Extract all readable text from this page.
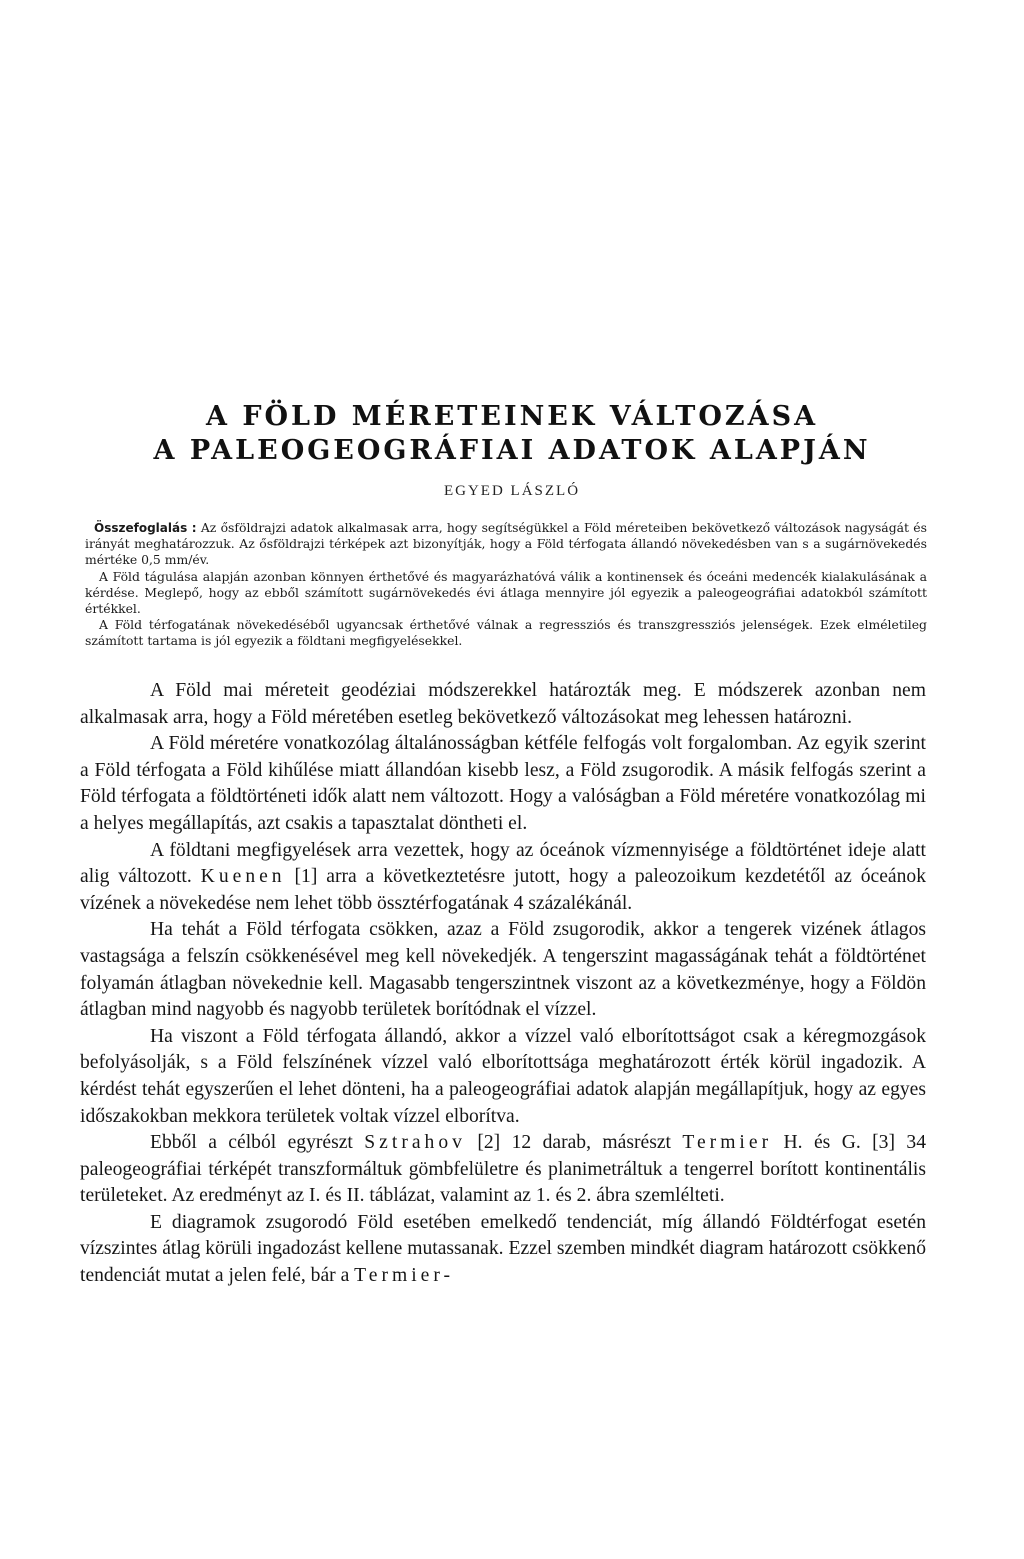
A FÖLD MÉRETEINEK VÁLTOZÁSA
A PALEOGEOGRÁFIAI ADATOK ALAPJÁN
EGYED LÁSZLÓ

Összefoglalás : Az ősföldrajzi adatok alkalmasak arra, hogy segítségükkel a Föld méreteiben bekövetkező változások nagyságát és irányát meghatározzuk. Az ősföldrajzi térképek azt bizonyítják, hogy a Föld térfogata állandó növekedésben van s a sugárnövekedés mértéke 0,5 mm/év.

A Föld tágulása alapján azonban könnyen érthetővé és magyarázhatóvá válik a kontinensek és óceáni medencék kialakulásának a kérdése. Meglepő, hogy az ebből számított sugárnövekedés évi átlaga mennyire jól egyezik a paleogeográfiai adatokból számított értékkel.

A Föld térfogatának növekedéséből ugyancsak érthetővé válnak a regressziós és transzgressziós jelenségek. Ezek elméletileg számított tartama is jól egyezik a földtani megfigyelésekkel.

A Föld mai méreteit geodéziai módszerekkel határozták meg. E módszerek azonban nem alkalmasak arra, hogy a Föld méretében esetleg bekövetkező változásokat meg lehessen határozni.

A Föld méretére vonatkozólag általánosságban kétféle felfogás volt forgalomban. Az egyik szerint a Föld térfogata a Föld kihűlése miatt állandóan kisebb lesz, a Föld zsugorodik. A másik felfogás szerint a Föld térfogata a földtörténeti idők alatt nem változott. Hogy a valóságban a Föld méretére vonatkozólag mi a helyes megállapítás, azt csakis a tapasztalat döntheti el.

A földtani megfigyelések arra vezettek, hogy az óceánok vízmennyisége a földtörténet ideje alatt alig változott. Kuenen [1] arra a következtetésre jutott, hogy a paleozoikum kezdetétől az óceánok vízének a növekedése nem lehet több össztérfogatának 4 százalékánál.

Ha tehát a Föld térfogata csökken, azaz a Föld zsugorodik, akkor a tengerek vizének átlagos vastagsága a felszín csökkenésével meg kell növekedjék. A tengerszint magasságának tehát a földtörténet folyamán átlagban növekednie kell. Magasabb tengerszintnek viszont az a következménye, hogy a Földön átlagban mind nagyobb és nagyobb területek borítódnak el vízzel.

Ha viszont a Föld térfogata állandó, akkor a vízzel való elborítottságot csak a kéregmozgások befolyásolják, s a Föld felszínének vízzel való elborítottsága meghatározott érték körül ingadozik. A kérdést tehát egyszerűen el lehet dönteni, ha a paleogeográfiai adatok alapján megállapítjuk, hogy az egyes időszakokban mekkora területek voltak vízzel elborítva.

Ebből a célból egyrészt Sztrahov [2] 12 darab, másrészt Termier H. és G. [3] 34 paleogeográfiai térképét transzformáltuk gömbfelületre és planimetráltuk a tengerrel borított kontinentális területeket. Az eredményt az I. és II. táblázat, valamint az 1. és 2. ábra szemlélteti.

E diagramok zsugorodó Föld esetében emelkedő tendenciát, míg állandó Földtérfogat esetén vízszintes átlag körüli ingadozást kellene mutassanak. Ezzel szemben mindkét diagram határozott csökkenő tendenciát mutat a jelen felé, bár a Termier-
